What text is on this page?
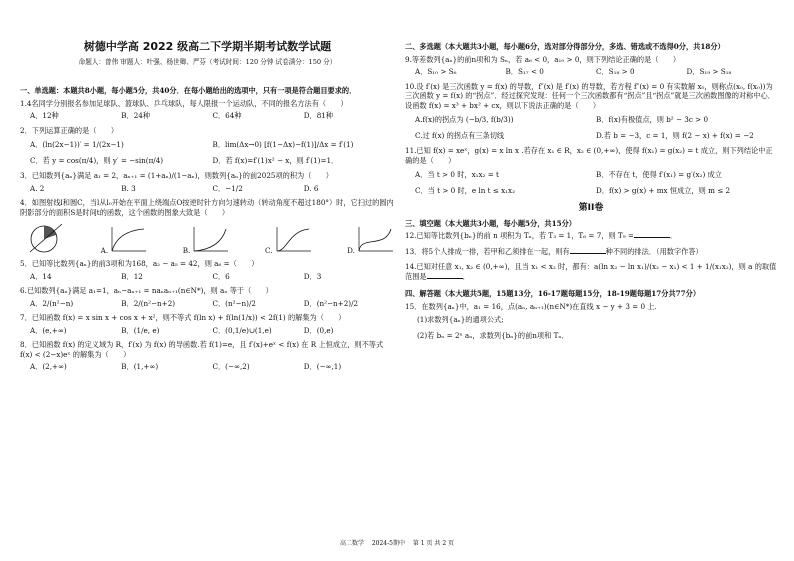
树德中学高 2022 级高二下学期半期考试数学试题
命题人：曾伟 审题人：叶强、杨世卿、严芬（考试时间：120 分钟 试卷满分：150 分）
一、单选题：本题共8小题，每小题5分，共40分．在每小题给出的选项中，只有一项是符合题目要求的．
1.4名同学分别报名参加足球队、篮球队、乒乓球队，每人限报一个运动队，不同的报名方法有（　　）
A．12种	B．24种	C．64种	D．81种
2．下列运算正确的是（　　）
A．(ln(2x−1))′ = 1/(2x−1)	B．lim(Δx→0) [f(1−Δx)−f(1)]/Δx = f′(1)
C．若 y = cos(π/4)，则 y′ = −sin(π/4)	D．若 f(x)=f′(1)x² − x，则 f′(1)=1．
3．已知数列{aₙ}满足 a₁ = 2，aₙ₊₁ = (1+aₙ)/(1−aₙ)，则数列{aₙ}的前2025项的积为（　　）
A. 2	B. 3	C．−1/2	D. 6
4．如图射线l和圆C，当l从l₀开始在平面上绕端点O按逆时针方向匀速转动（转动角度不超过180°）时，它扫过的圆内阴影部分的面积S是时间t的函数，这个函数的图象大致是（　　）
A.	B.	C.	D.
5．已知等比数列{aₙ}的前3项和为168，a₂ − a₅ = 42，则 a₆ =（　　）
A．14	B．12	C．6	D．3
6.已知数列{aₙ}满足 a₁=1，aₙ−aₙ₊₁ = naₙaₙ₊₁(n∈N*)，则 aₙ 等于（　　）
A．2/(n²−n)	B．2/(n²−n+2)	C．(n²−n)/2	D．(n²−n+2)/2
7．已知函数 f(x) = x sin x + cos x + x²，则不等式 f(ln x) + f(ln(1/x)) < 2f(1) 的解集为（　　）
A．(e,+∞)	B．(1/e, e)	C．(0,1/e)∪(1,e)	D．(0,e)
8．已知函数 f(x) 的定义域为 R，f′(x) 为 f(x) 的导函数.若 f(1)=e，且 f′(x)+eˣ < f(x) 在 R 上恒成立，则不等式 f(x) < (2−x)eˣ 的解集为（　　）
A．(2,+∞)	B．(1,+∞)	C．(−∞,2)	D．(−∞,1)
二、多选题（本大题共3小题，每小题6分，选对部分得部分分，多选、错选或不选得0分，共18分）
9.等差数列{aₙ}的前n项和为 Sₙ，若 a₆ < 0，a₁₀ > 0，则下列结论正确的是（　　）
A．S₁₀ > S₆	B．S₁₇ < 0	C．S₁₈ > 0	D．S₁₉ > S₁₈
10.设 f′(x) 是三次函数 y = f(x) 的导数，f″(x) 是 f′(x) 的导数，若方程 f″(x) = 0 有实数解 x₀，则称点(x₀, f(x₀))为三次函数 y = f(x) 的“拐点”．经过探究发现：任何一个三次函数都有“拐点”且“拐点”就是三次函数图像的对称中心．设函数 f(x) = x³ + bx² + cx，则以下说法正确的是（　　）
A.f(x)的拐点为 (−b/3, f(b/3))	B．f(x)有极值点，则 b² − 3c > 0
C.过 f(x) 的拐点有三条切线	D.若 b = −3，c = 1，则 f(2 − x) + f(x) = −2
11.已知 f(x) = xeˣ，g(x) = x ln x .若存在 x₁ ∈ R，x₂ ∈ (0,+∞)，使得 f(x₁) = g(x₂) = t 成立，则下列结论中正确的是（　　）
A．当 t > 0 时，x₁x₂ = t	B．不存在 t，使得 f′(x₁) = g′(x₂) 成立
C．当 t > 0 时，e ln t ≤ x₁x₂	D．f(x) > g(x) + mx 恒成立，则 m ≤ 2
第II卷
三、填空题（本大题共3小题，每小题5分，共15分）
12.已知等比数列{bₙ}的前 n 项积为 Tₙ，若 T₃ = 1，T₆ = 7，则 T₉ =	．
13．将5个人排成一排，若甲和乙须排在一起，则有	种不同的排法．（用数字作答）
14.已知对任意 x₁, x₂ ∈ (0,+∞)，且当 x₁ < x₂ 时，都有：a(ln x₂ − ln x₁)/(x₂ − x₁) < 1 + 1/(x₁x₂)，则 a 的取值范围是	．
四、解答题（本大题共5题，15题13分，16-17题每题15分，18-19题每题17分共77分）
15．在数列{aₙ}中，a₁ = 16，点(aₙ, aₙ₊₁)(n∈N*)在直线 x − y + 3 = 0 上.
(1)求数列{aₙ}的通项公式;
(2)若 bₙ = 2ⁿ aₙ，求数列{bₙ}的前n项和 Tₙ．
高二数学　 2024-5期中　 第 1 页 共 2 页
